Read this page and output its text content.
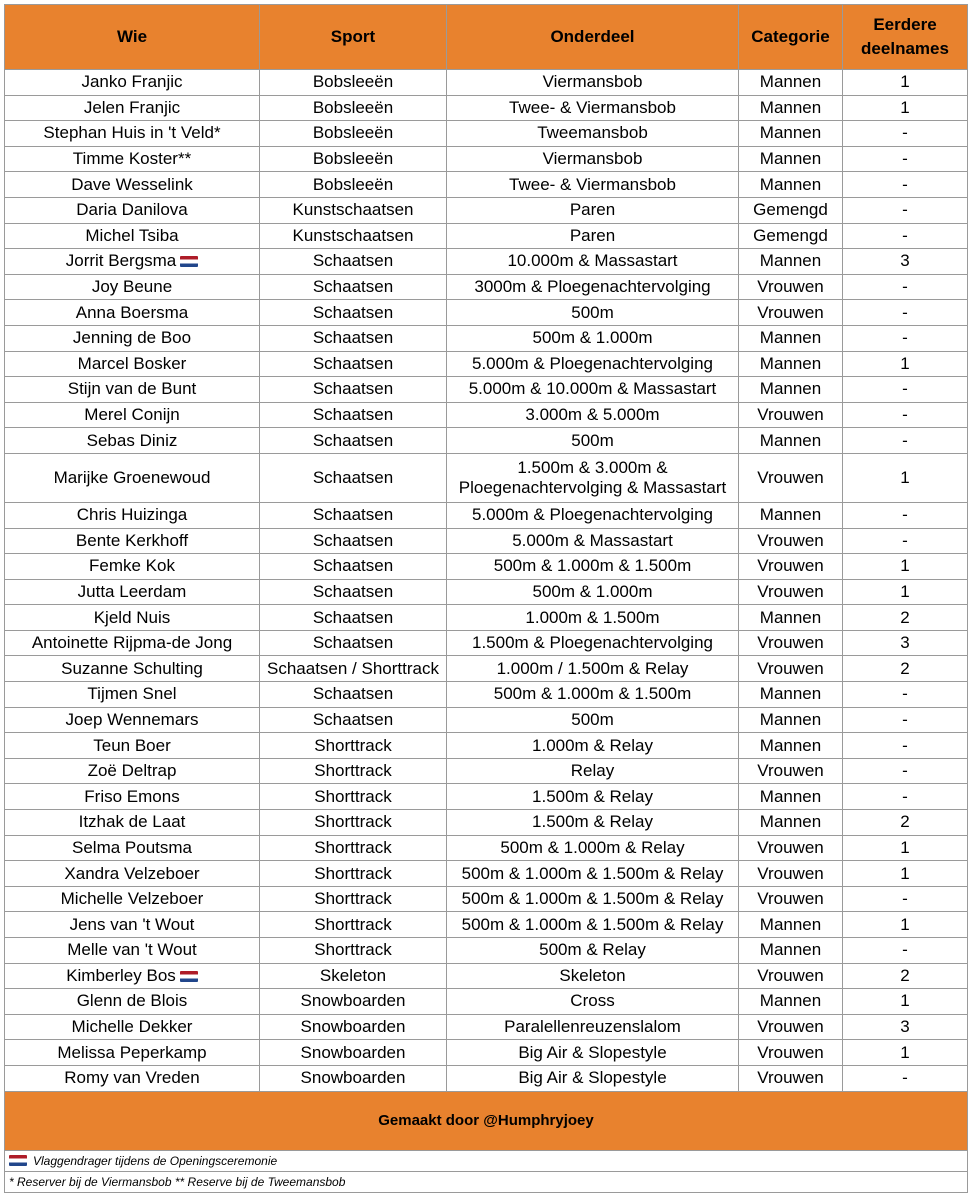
Wie	Sport	Onderdeel	Categorie	Eerdere deelnames
Janko Franjic	Bobsleeën	Viermansbob	Mannen	1
Jelen Franjic	Bobsleeën	Twee- & Viermansbob	Mannen	1
Stephan Huis in 't Veld*	Bobsleeën	Tweemansbob	Mannen	-
Timme Koster**	Bobsleeën	Viermansbob	Mannen	-
Dave Wesselink	Bobsleeën	Twee- & Viermansbob	Mannen	-
Daria Danilova	Kunstschaatsen	Paren	Gemengd	-
Michel Tsiba	Kunstschaatsen	Paren	Gemengd	-
Jorrit Bergsma	Schaatsen	10.000m & Massastart	Mannen	3
Joy Beune	Schaatsen	3000m & Ploegenachtervolging	Vrouwen	-
Anna Boersma	Schaatsen	500m	Vrouwen	-
Jenning de Boo	Schaatsen	500m & 1.000m	Mannen	-
Marcel Bosker	Schaatsen	5.000m & Ploegenachtervolging	Mannen	1
Stijn van de Bunt	Schaatsen	5.000m & 10.000m & Massastart	Mannen	-
Merel Conijn	Schaatsen	3.000m & 5.000m	Vrouwen	-
Sebas Diniz	Schaatsen	500m	Mannen	-
Marijke Groenewoud	Schaatsen	1.500m & 3.000m & Ploegenachtervolging & Massastart	Vrouwen	1
Chris Huizinga	Schaatsen	5.000m & Ploegenachtervolging	Mannen	-
Bente Kerkhoff	Schaatsen	5.000m & Massastart	Vrouwen	-
Femke Kok	Schaatsen	500m & 1.000m & 1.500m	Vrouwen	1
Jutta Leerdam	Schaatsen	500m & 1.000m	Vrouwen	1
Kjeld Nuis	Schaatsen	1.000m & 1.500m	Mannen	2
Antoinette Rijpma-de Jong	Schaatsen	1.500m & Ploegenachtervolging	Vrouwen	3
Suzanne Schulting	Schaatsen / Shorttrack	1.000m / 1.500m & Relay	Vrouwen	2
Tijmen Snel	Schaatsen	500m & 1.000m & 1.500m	Mannen	-
Joep Wennemars	Schaatsen	500m	Mannen	-
Teun Boer	Shorttrack	1.000m & Relay	Mannen	-
Zoë Deltrap	Shorttrack	Relay	Vrouwen	-
Friso Emons	Shorttrack	1.500m & Relay	Mannen	-
Itzhak de Laat	Shorttrack	1.500m & Relay	Mannen	2
Selma Poutsma	Shorttrack	500m & 1.000m & Relay	Vrouwen	1
Xandra Velzeboer	Shorttrack	500m & 1.000m & 1.500m & Relay	Vrouwen	1
Michelle Velzeboer	Shorttrack	500m & 1.000m & 1.500m & Relay	Vrouwen	-
Jens van 't Wout	Shorttrack	500m & 1.000m & 1.500m & Relay	Mannen	1
Melle van 't Wout	Shorttrack	500m & Relay	Mannen	-
Kimberley Bos	Skeleton	Skeleton	Vrouwen	2
Glenn de Blois	Snowboarden	Cross	Mannen	1
Michelle Dekker	Snowboarden	Paralellenreuzenslalom	Vrouwen	3
Melissa Peperkamp	Snowboarden	Big Air & Slopestyle	Vrouwen	1
Romy van Vreden	Snowboarden	Big Air & Slopestyle	Vrouwen	-
Gemaakt door @Humphryjoey				
Vlaggendrager tijdens de Openingsceremonie				
* Reserver bij de Viermansbob ** Reserve bij de Tweemansbob				
